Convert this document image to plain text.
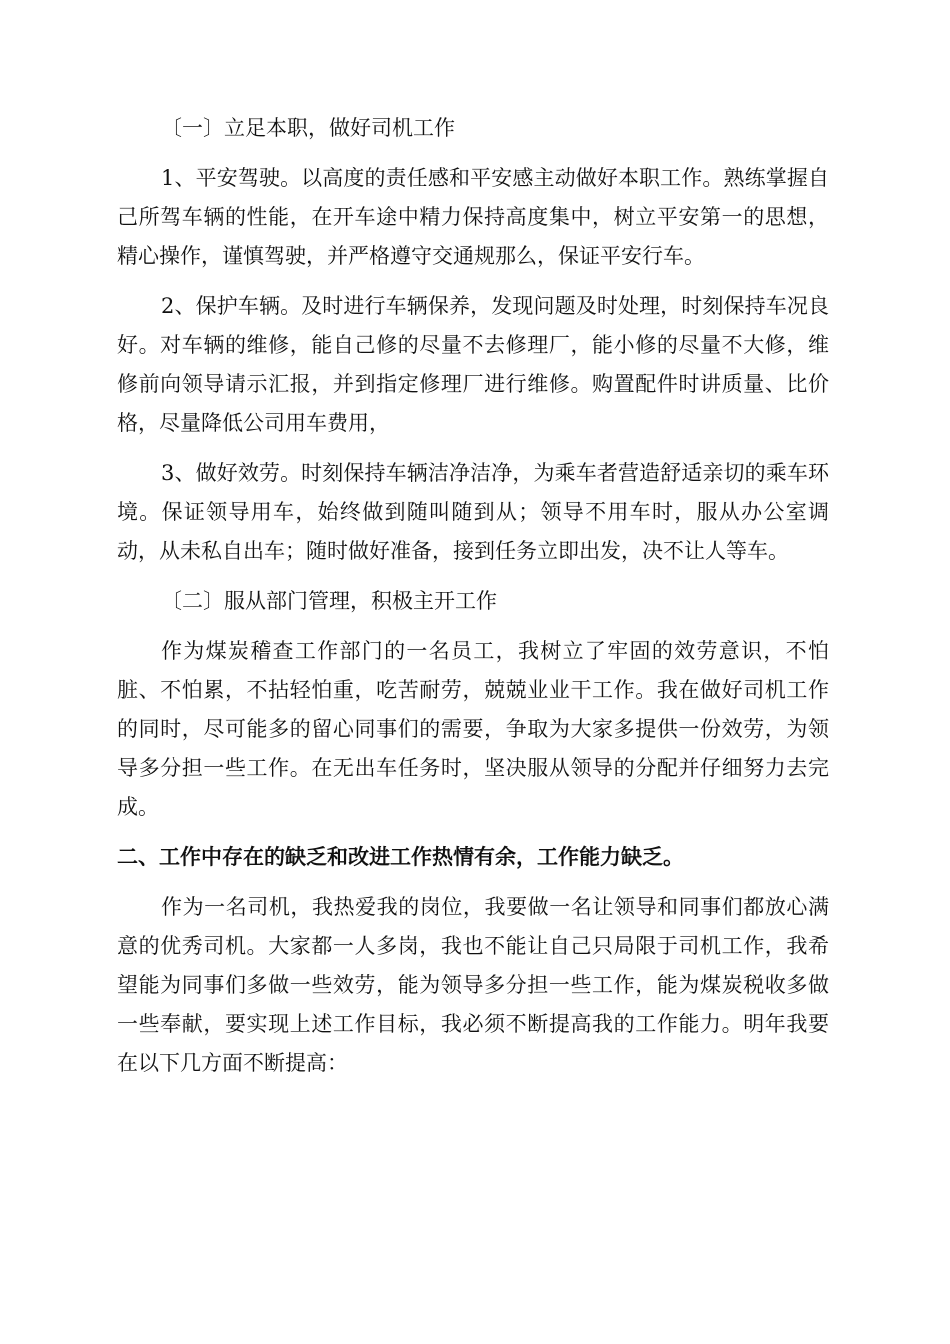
〔一〕立足本职，做好司机工作

1、平安驾驶。以高度的责任感和平安感主动做好本职工作。熟练掌握自己所驾车辆的性能，在开车途中精力保持高度集中，树立平安第一的思想，精心操作，谨慎驾驶，并严格遵守交通规那么，保证平安行车。

2、保护车辆。及时进行车辆保养，发现问题及时处理，时刻保持车况良好。对车辆的维修，能自己修的尽量不去修理厂，能小修的尽量不大修，维修前向领导请示汇报，并到指定修理厂进行维修。购置配件时讲质量、比价格，尽量降低公司用车费用，

3、做好效劳。时刻保持车辆洁净洁净，为乘车者营造舒适亲切的乘车环境。保证领导用车，始终做到随叫随到从；领导不用车时，服从办公室调动，从未私自出车；随时做好准备，接到任务立即出发，决不让人等车。

〔二〕服从部门管理，积极主开工作

作为煤炭稽查工作部门的一名员工，我树立了牢固的效劳意识，不怕脏、不怕累，不拈轻怕重，吃苦耐劳，兢兢业业干工作。我在做好司机工作的同时，尽可能多的留心同事们的需要，争取为大家多提供一份效劳，为领导多分担一些工作。在无出车任务时，坚决服从领导的分配并仔细努力去完成。

二、工作中存在的缺乏和改进工作热情有余，工作能力缺乏。

作为一名司机，我热爱我的岗位，我要做一名让领导和同事们都放心满意的优秀司机。大家都一人多岗，我也不能让自己只局限于司机工作，我希望能为同事们多做一些效劳，能为领导多分担一些工作，能为煤炭税收多做一些奉献，要实现上述工作目标，我必须不断提高我的工作能力。明年我要在以下几方面不断提高：
